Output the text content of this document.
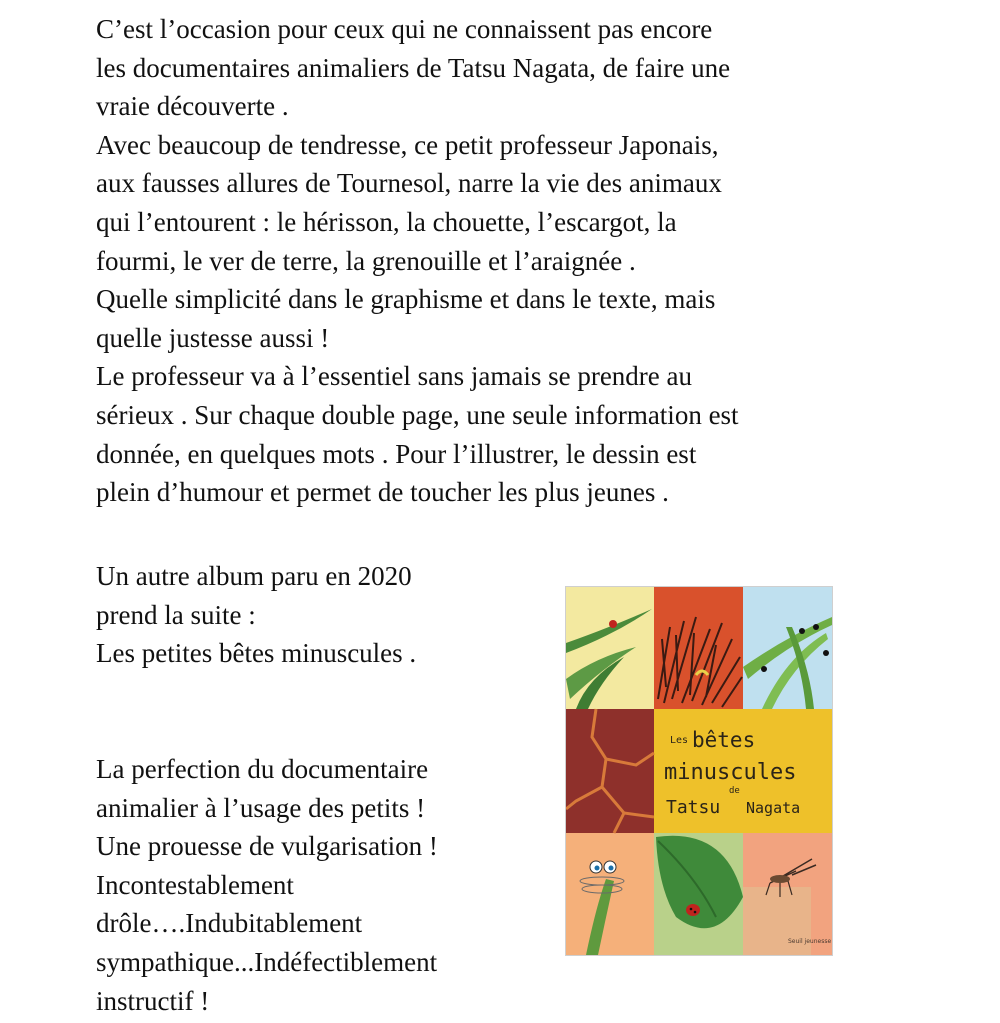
C’est l’occasion pour ceux qui ne connaissent pas encore
les documentaires animaliers de Tatsu Nagata, de faire une
vraie découverte .
Avec beaucoup de tendresse, ce petit professeur Japonais,
aux fausses allures de Tournesol, narre la vie des animaux
qui l’entourent : le hérisson, la chouette, l’escargot, la
fourmi, le ver de terre, la grenouille et l’araignée .
Quelle simplicité dans le graphisme et dans le texte, mais
quelle justesse aussi !
Le professeur va à l’essentiel sans jamais se prendre au
sérieux . Sur chaque double page, une seule information est
donnée, en quelques mots . Pour l’illustrer, le dessin est
plein d’humour et permet de toucher les plus jeunes .
Un autre album paru en 2020
prend la suite :
Les petites bêtes minuscules .
La perfection du documentaire
animalier à l’usage des petits !
Une prouesse de vulgarisation !
Incontestablement
drôle….Indubitablement
sympathique...Indéfectiblement
instructif !
Les bêtes
minuscules
de
Tatsu Nagata
Seuil jeunesse
